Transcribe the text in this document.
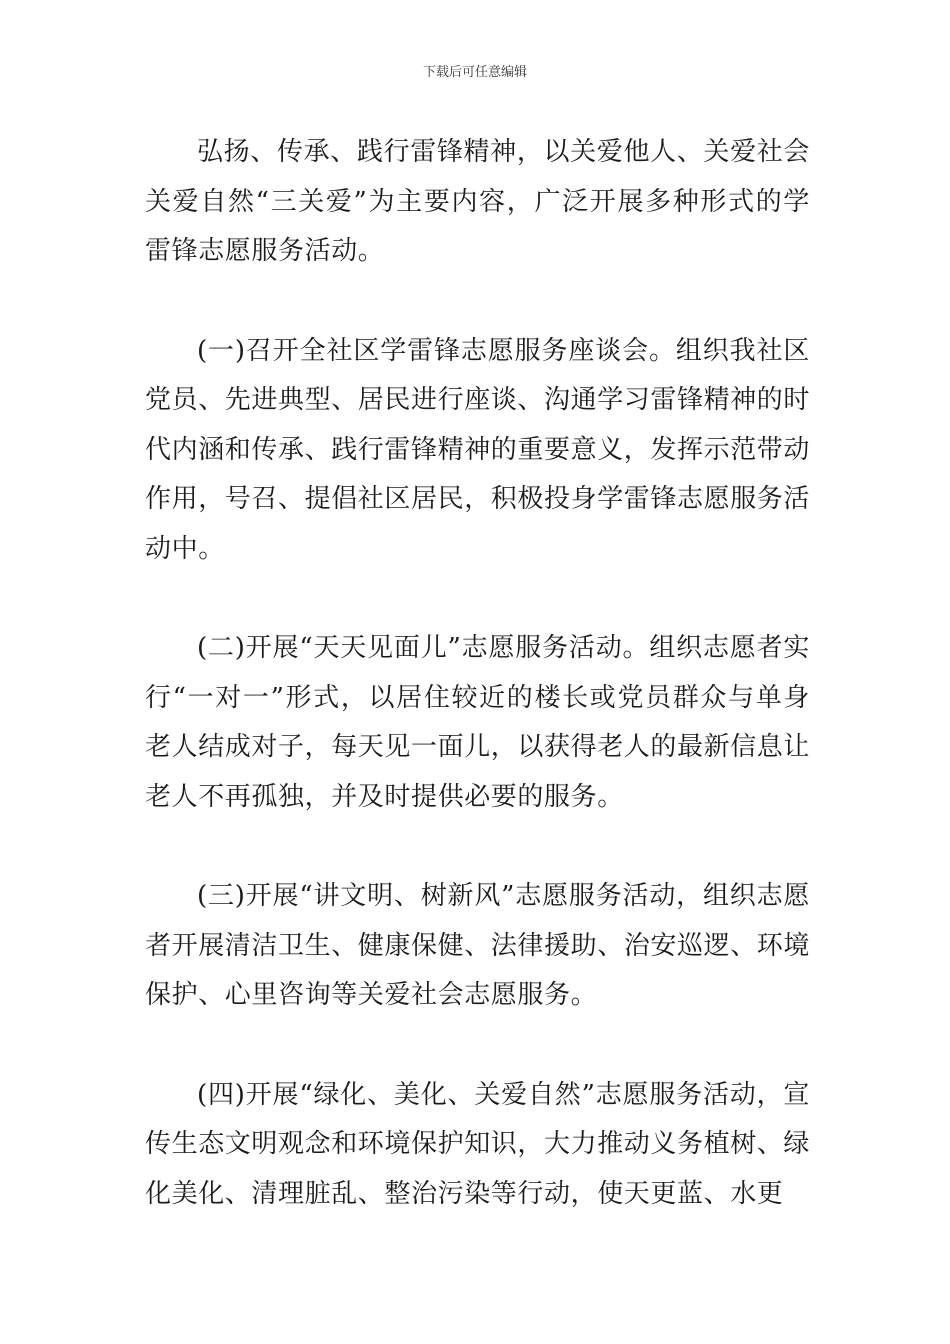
下载后可任意编辑

弘扬、传承、践行雷锋精神，以关爱他人、关爱社会关爱自然“三关爱”为主要内容，广泛开展多种形式的学雷锋志愿服务活动。

(一)召开全社区学雷锋志愿服务座谈会。组织我社区党员、先进典型、居民进行座谈、沟通学习雷锋精神的时代内涵和传承、践行雷锋精神的重要意义，发挥示范带动作用，号召、提倡社区居民，积极投身学雷锋志愿服务活动中。

(二)开展“天天见面儿”志愿服务活动。组织志愿者实行“一对一”形式，以居住较近的楼长或党员群众与单身老人结成对子，每天见一面儿，以获得老人的最新信息让老人不再孤独，并及时提供必要的服务。

(三)开展“讲文明、树新风”志愿服务活动，组织志愿者开展清洁卫生、健康保健、法律援助、治安巡逻、环境保护、心里咨询等关爱社会志愿服务。

(四)开展“绿化、美化、关爱自然”志愿服务活动，宣传生态文明观念和环境保护知识，大力推动义务植树、绿化美化、清理脏乱、整治污染等行动，使天更蓝、水更
